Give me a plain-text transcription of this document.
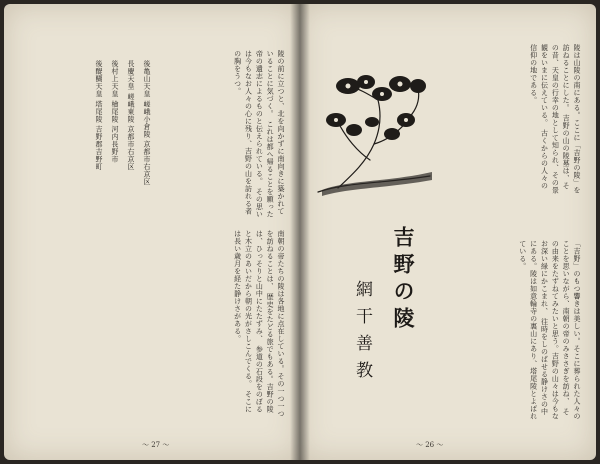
陵の前に立つと、北を向かずに南向きに築かれていることに気づく。 これは都へ帰ることを願った帝の遺志によるものと伝えられている。 その思いは今もなお人々の心に残り、吉野の山を訪れる者の胸をうつ。
後醍醐天皇 塔尾陵 吉野郡吉野町 後村上天皇 檜尾陵 河内長野市 長慶天皇 嵯峨東陵 京都市右京区 後亀山天皇 嵯峨小倉陵 京都市右京区
南朝の帝たちの陵は各地に点在している。その一つ一つを訪ねることは、 歴史をたどる旅でもある。吉野の陵は、ひっそりと山中にたたずみ、 参道の石段をのぼると木立のあいだから朝の光がさしこんでくる。 そこには長い歳月を経た静けさがある。
〜 27 〜
陵は山陵の南にある。ここに「吉野の陵」を訪ねることにした。 吉野の山の陵墓は、その昔、天皇の行幸の地として知られ、その景観をいまに伝えている。 古くからの人々の信仰の地である。
吉野の陵
網干善教	「吉野」のもつ響きは美しい。そこに葬られた人々のことを思いながら、南朝の帝のみささぎを訪ね、 その由来をたずねてみたいと思う。吉野の山々は今もなお深い緑にかこまれ、 往時をしのばせる静けさの中にある。陵は如意輪寺の裏山にあり、塔尾陵とよばれている。
〜 26 〜
